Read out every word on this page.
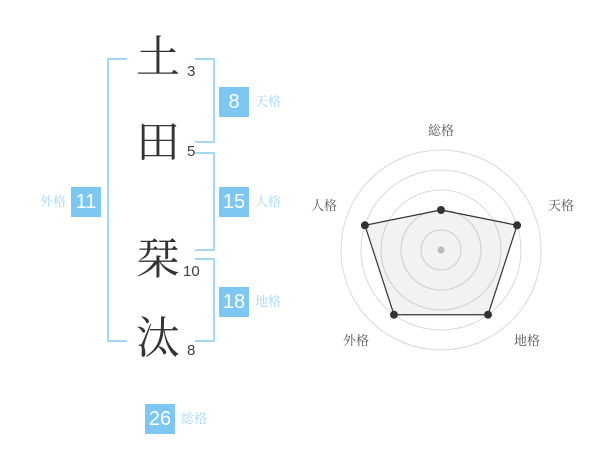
土
田
栞
汰
3
5
10
8
8
15
18
11
26
天格
人格
地格
外格
総格
総格
天格
地格
外格
人格
